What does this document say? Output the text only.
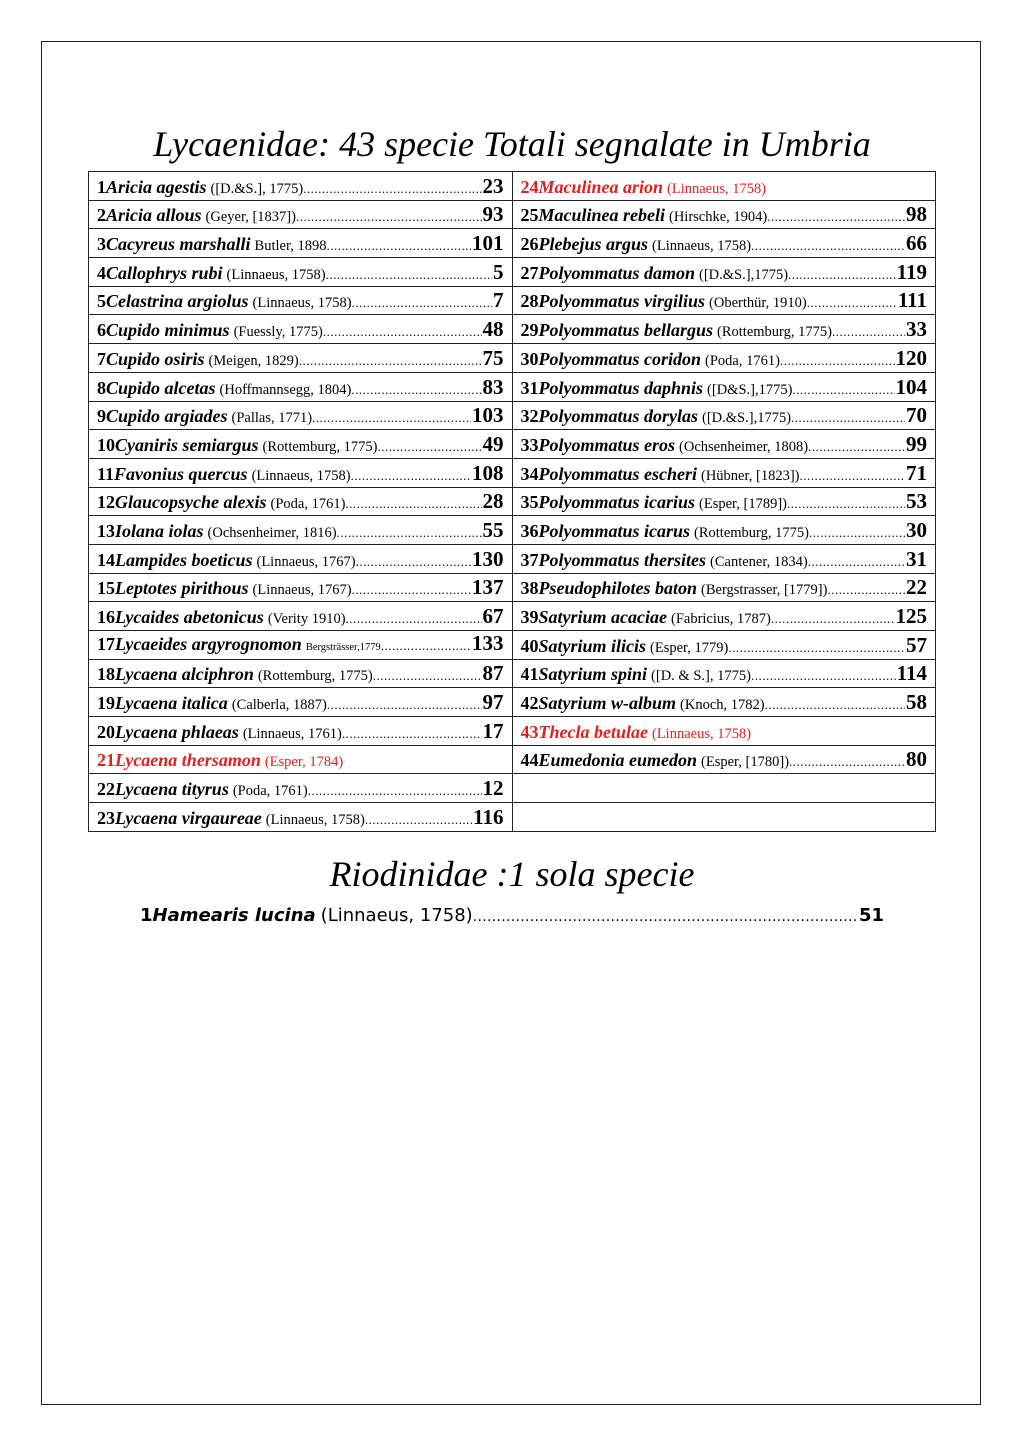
Lycaenidae: 43 specie Totali segnalate in Umbria
1 Aricia agestis ([D.&S.], 1775) ..... 23	24 Maculinea arion (Linnaeus, 1758)

2 Aricia allous (Geyer, [1837]) ..... 93	25 Maculinea rebeli (Hirschke, 1904) ..... 98

3 Cacyreus marshalli Butler, 1898 ..... 101	26 Plebejus argus (Linnaeus, 1758) ..... 66

4 Callophrys rubi (Linnaeus, 1758) ..... 5	27 Polyommatus damon ([D.&S.],1775) ..... 119

5 Celastrina argiolus (Linnaeus, 1758) ..... 7	28 Polyommatus virgilius (Oberthür, 1910) ..... 111

6 Cupido minimus (Fuessly, 1775) ..... 48	29 Polyommatus bellargus (Rottemburg, 1775) ..... 33

7 Cupido osiris (Meigen, 1829) ..... 75	30 Polyommatus coridon (Poda, 1761) ..... 120

8 Cupido alcetas (Hoffmannsegg, 1804) ..... 83	31 Polyommatus daphnis ([D&S.],1775) ..... 104

9 Cupido argiades (Pallas, 1771) ..... 103	32 Polyommatus dorylas ([D.&S.],1775) ..... 70

10 Cyaniris semiargus (Rottemburg, 1775) ..... 49	33 Polyommatus eros (Ochsenheimer, 1808) ..... 99

11 Favonius quercus (Linnaeus, 1758) ..... 108	34 Polyommatus escheri (Hübner, [1823]) ..... 71

12 Glaucopsyche alexis (Poda, 1761) ..... 28	35 Polyommatus icarius (Esper, [1789]) ..... 53

13 Iolana iolas (Ochsenheimer, 1816) ..... 55	36 Polyommatus icarus (Rottemburg, 1775) ..... 30

14 Lampides boeticus (Linnaeus, 1767) ..... 130	37 Polyommatus thersites (Cantener, 1834) ..... 31

15 Leptotes pirithous (Linnaeus, 1767) ..... 137	38 Pseudophilotes baton (Bergstrasser, [1779]) ..... 22

16 Lycaides abetonicus (Verity 1910) ..... 67	39 Satyrium acaciae (Fabricius, 1787) ..... 125

17 Lycaeides argyrognomon Bergsträsser,1779 ..... 133	40 Satyrium ilicis (Esper, 1779) ..... 57

18 Lycaena alciphron (Rottemburg, 1775) ..... 87	41 Satyrium spini ([D. & S.], 1775) ..... 114

19 Lycaena italica (Calberla, 1887) ..... 97	42 Satyrium w-album (Knoch, 1782) ..... 58

20 Lycaena phlaeas (Linnaeus, 1761) ..... 17	43 Thecla betulae (Linnaeus, 1758)

21 Lycaena thersamon (Esper, 1784)	44 Eumedonia eumedon (Esper, [1780]) ..... 80

22 Lycaena tityrus (Poda, 1761) ..... 12

23 Lycaena virgaureae (Linnaeus, 1758) ..... 116

Riodinidae :1 sola specie
1 Hamearis lucina (Linnaeus, 1758) .....	51
